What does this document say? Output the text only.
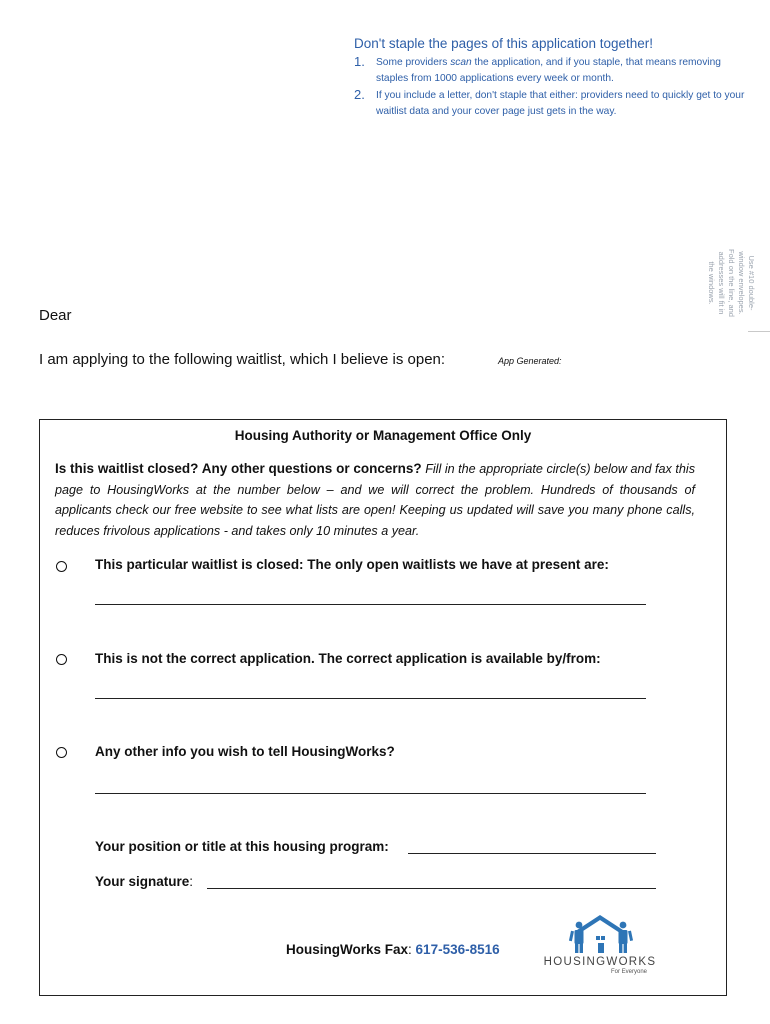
Don't staple the pages of this application together!
1. Some providers scan the application, and if you staple, that means removing staples from 1000 applications every week or month.
2. If you include a letter, don't staple that either: providers need to quickly get to your waitlist data and your cover page just gets in the way.
Use #10 double-window envelopes. Fold on the line, and addresses will fit in the windows.
Dear
I am applying to the following waitlist, which I believe is open:	App Generated:
Housing Authority or Management Office Only
Is this waitlist closed? Any other questions or concerns? Fill in the appropriate circle(s) below and fax this page to HousingWorks at the number below – and we will correct the problem. Hundreds of thousands of applicants check our free website to see what lists are open! Keeping us updated will save you many phone calls, reduces frivolous applications - and takes only 10 minutes a year.
This particular waitlist is closed: The only open waitlists we have at present are:
This is not the correct application. The correct application is available by/from:
Any other info you wish to tell HousingWorks?
Your position or title at this housing program:
Your signature:
HousingWorks Fax: 617-536-8516
HOUSINGWORKS
For Everyone
